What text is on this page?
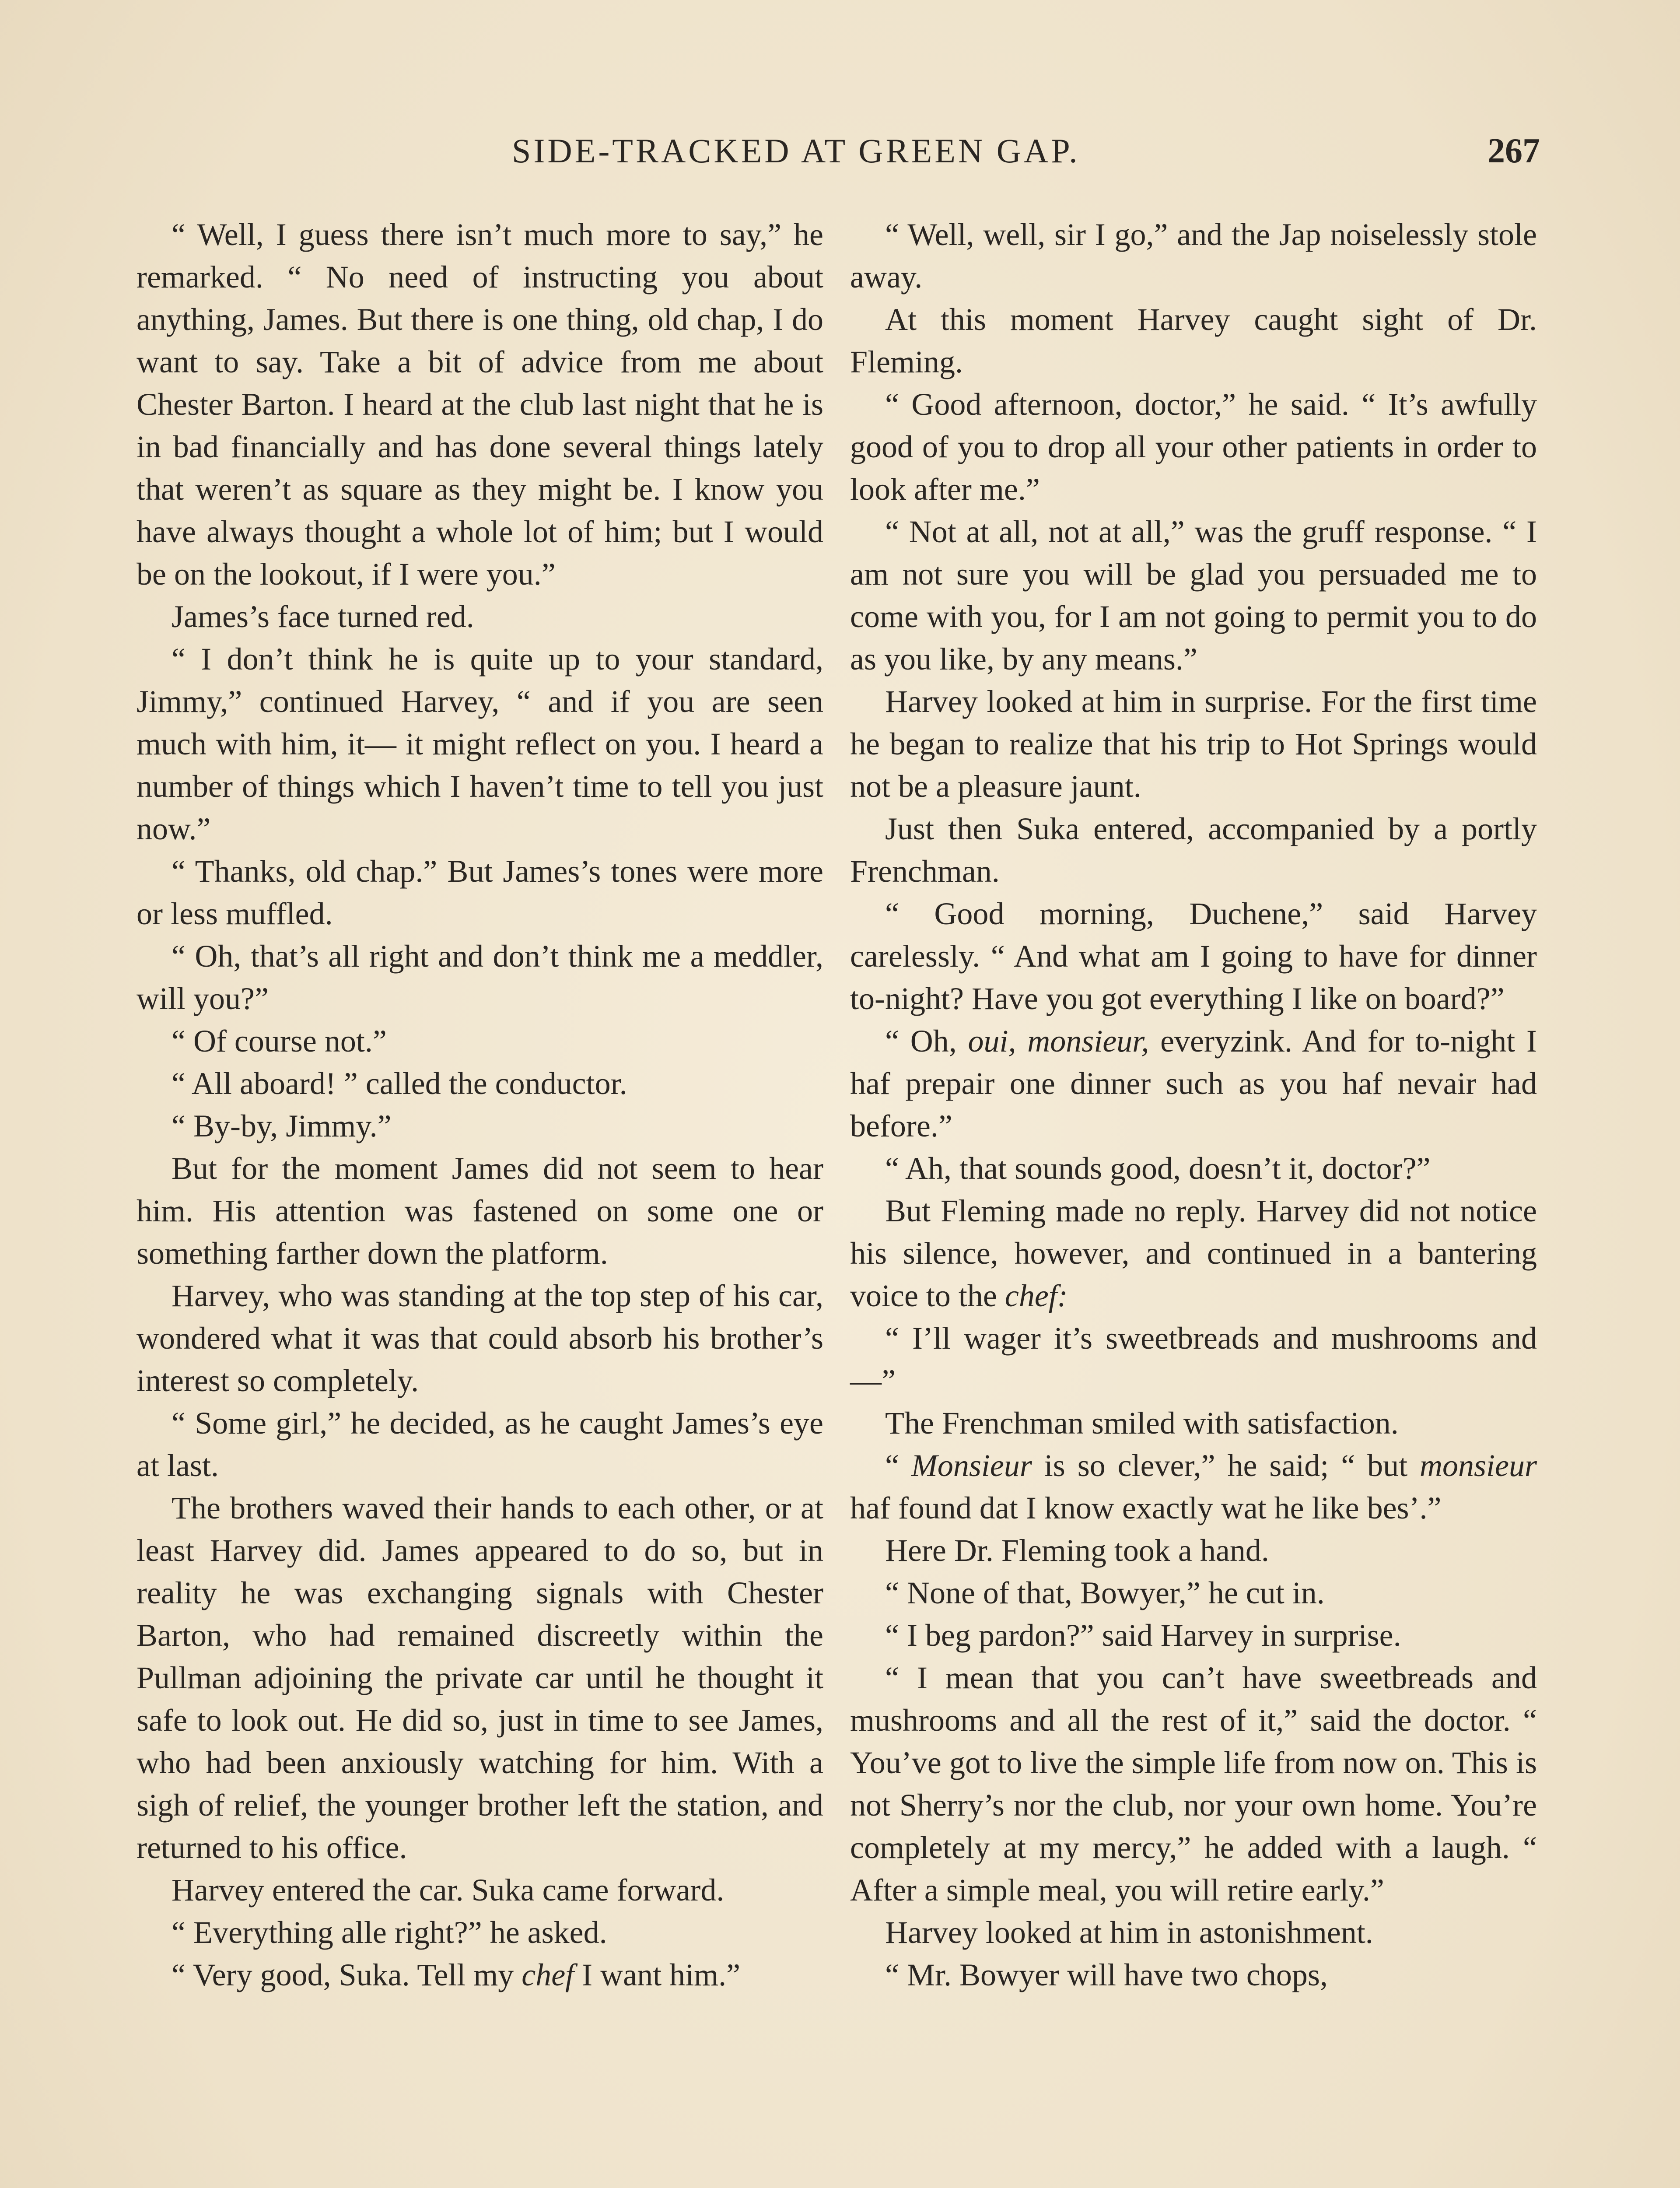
SIDE-TRACKED AT GREEN GAP.	267

“ Well, I guess there isn’t much more to say,” he remarked. “ No need of instructing you about anything, James. But there is one thing, old chap, I do want to say. Take a bit of advice from me about Chester Barton. I heard at the club last night that he is in bad financially and has done several things lately that weren’t as square as they might be. I know you have always thought a whole lot of him; but I would be on the lookout, if I were you.”

James’s face turned red.

“ I don’t think he is quite up to your standard, Jimmy,” continued Harvey, “ and if you are seen much with him, it— it might reflect on you. I heard a number of things which I haven’t time to tell you just now.”

“ Thanks, old chap.” But James’s tones were more or less muffled.

“ Oh, that’s all right and don’t think me a meddler, will you?”

“ Of course not.”

“ All aboard! ” called the conductor.

“ By-by, Jimmy.”

But for the moment James did not seem to hear him. His attention was fastened on some one or something farther down the platform.

Harvey, who was standing at the top step of his car, wondered what it was that could absorb his brother’s interest so completely.

“ Some girl,” he decided, as he caught James’s eye at last.

The brothers waved their hands to each other, or at least Harvey did. James appeared to do so, but in reality he was exchanging signals with Chester Barton, who had remained discreetly within the Pullman adjoining the private car until he thought it safe to look out. He did so, just in time to see James, who had been anxiously watching for him. With a sigh of relief, the younger brother left the station, and returned to his office.

Harvey entered the car. Suka came forward.

“ Everything alle right?” he asked.

“ Very good, Suka. Tell my chef I want him.”

“ Well, well, sir I go,” and the Jap noiselessly stole away.

At this moment Harvey caught sight of Dr. Fleming.

“ Good afternoon, doctor,” he said. “ It’s awfully good of you to drop all your other patients in order to look after me.”

“ Not at all, not at all,” was the gruff response. “ I am not sure you will be glad you persuaded me to come with you, for I am not going to permit you to do as you like, by any means.”

Harvey looked at him in surprise. For the first time he began to realize that his trip to Hot Springs would not be a pleasure jaunt.

Just then Suka entered, accompanied by a portly Frenchman.

“ Good morning, Duchene,” said Harvey carelessly. “ And what am I going to have for dinner to-night? Have you got everything I like on board?”

“ Oh, oui, monsieur, everyzink. And for to-night I haf prepair one dinner such as you haf nevair had before.”

“ Ah, that sounds good, doesn’t it, doctor?”

But Fleming made no reply. Harvey did not notice his silence, however, and continued in a bantering voice to the chef:

“ I’ll wager it’s sweetbreads and mushrooms and—”

The Frenchman smiled with satisfaction.

“ Monsieur is so clever,” he said; “ but monsieur haf found dat I know exactly wat he like bes’.”

Here Dr. Fleming took a hand.

“ None of that, Bowyer,” he cut in.

“ I beg pardon?” said Harvey in surprise.

“ I mean that you can’t have sweetbreads and mushrooms and all the rest of it,” said the doctor. “ You’ve got to live the simple life from now on. This is not Sherry’s nor the club, nor your own home. You’re completely at my mercy,” he added with a laugh. “ After a simple meal, you will retire early.”

Harvey looked at him in astonishment.

“ Mr. Bowyer will have two chops,
